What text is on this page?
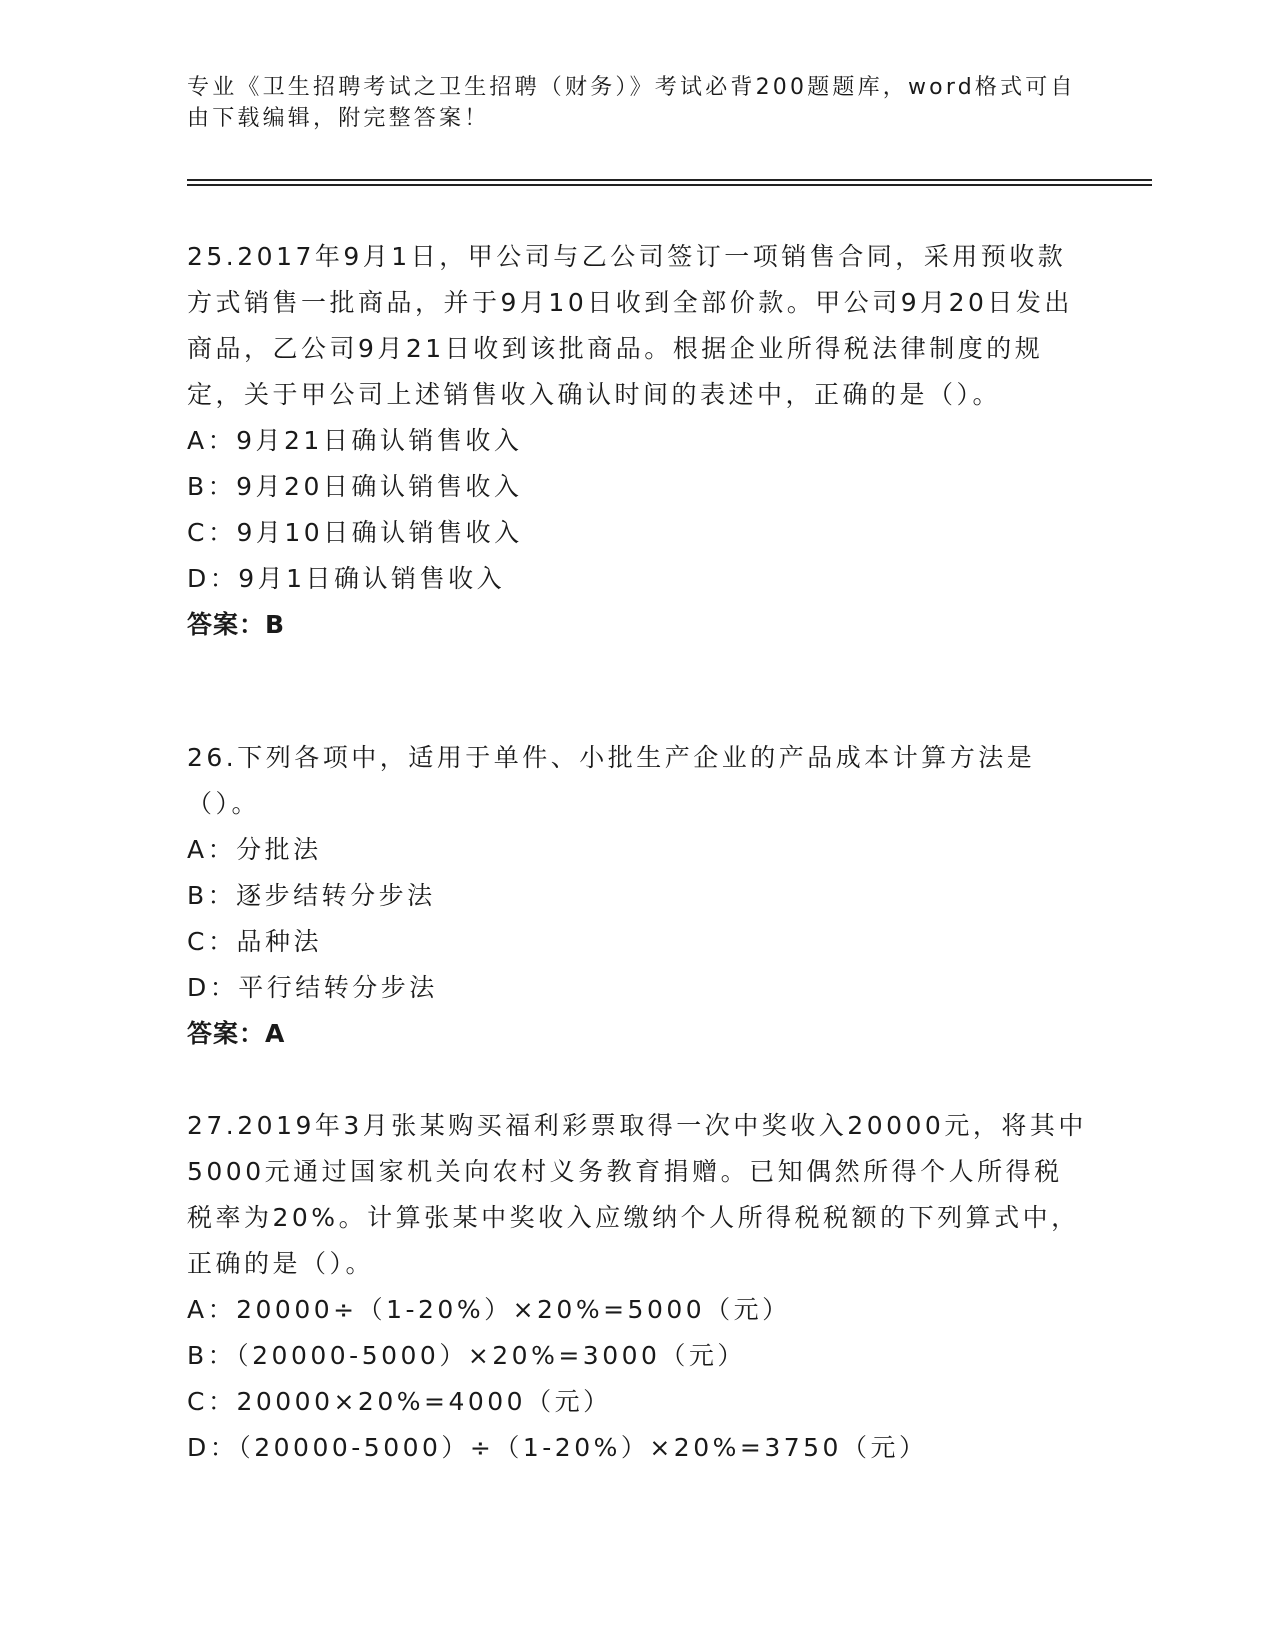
专业《卫生招聘考试之卫生招聘（财务）》考试必背200题题库，word格式可自由下载编辑，附完整答案！

25.2017年9月1日，甲公司与乙公司签订一项销售合同，采用预收款方式销售一批商品，并于9月10日收到全部价款。甲公司9月20日发出商品，乙公司9月21日收到该批商品。根据企业所得税法律制度的规定，关于甲公司上述销售收入确认时间的表述中，正确的是（）。

A：9月21日确认销售收入
B：9月20日确认销售收入
C：9月10日确认销售收入
D：9月1日确认销售收入
答案：B

26.下列各项中，适用于单件、小批生产企业的产品成本计算方法是（）。

A：分批法
B：逐步结转分步法
C：品种法
D：平行结转分步法
答案：A

27.2019年3月张某购买福利彩票取得一次中奖收入20000元，将其中5000元通过国家机关向农村义务教育捐赠。已知偶然所得个人所得税税率为20%。计算张某中奖收入应缴纳个人所得税税额的下列算式中，正确的是（）。

A：20000÷（1-20%）×20%=5000（元）
B：（20000-5000）×20%=3000（元）
C：20000×20%=4000（元）
D：（20000-5000）÷（1-20%）×20%=3750（元）
